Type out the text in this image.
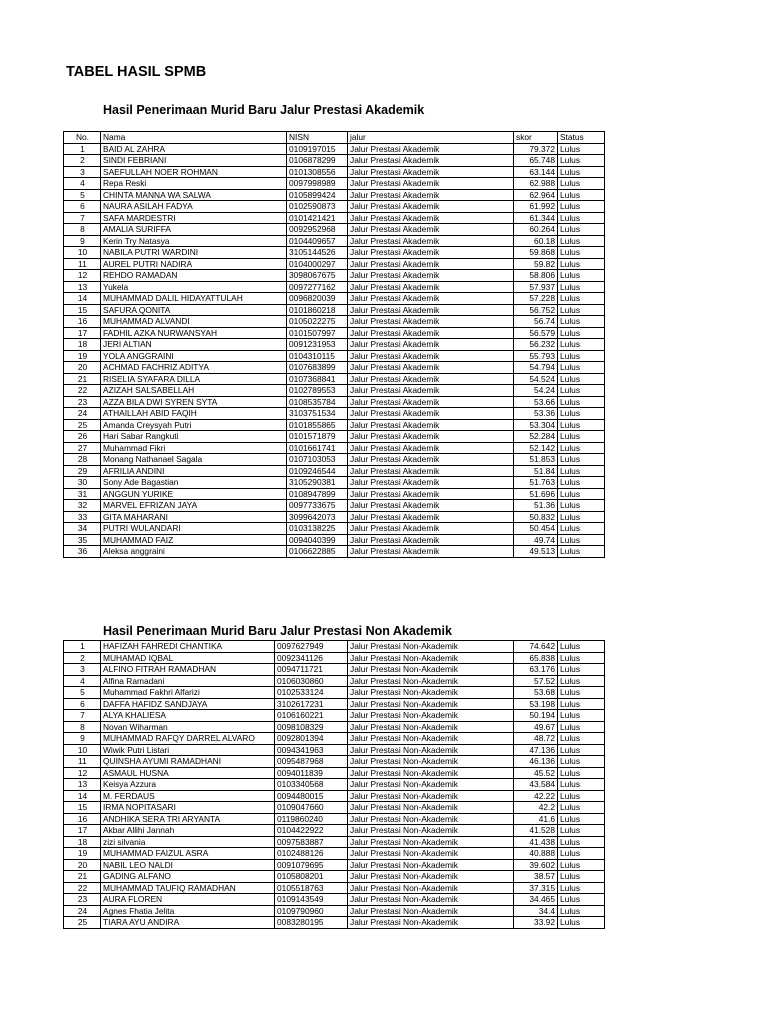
TABEL HASIL SPMB
Hasil Penerimaan Murid Baru Jalur Prestasi Akademik
No.	Nama	NISN	jalur	skor	Status
1	BAID AL ZAHRA	0109197015	Jalur Prestasi Akademik	79.372	Lulus
2	SINDI FEBRIANI	0106878299	Jalur Prestasi Akademik	65.748	Lulus
3	SAEFULLAH NOER ROHMAN	0101308556	Jalur Prestasi Akademik	63.144	Lulus
4	Repa Reski	0097998989	Jalur Prestasi Akademik	62.988	Lulus
5	CHINTA MANNA WA SALWA	0105899424	Jalur Prestasi Akademik	62.964	Lulus
6	NAURA ASILAH FADYA	0102590873	Jalur Prestasi Akademik	61.992	Lulus
7	SAFA MARDESTRI	0101421421	Jalur Prestasi Akademik	61.344	Lulus
8	AMALIA SURIFFA	0092952968	Jalur Prestasi Akademik	60.264	Lulus
9	Kerin Try Natasya	0104409657	Jalur Prestasi Akademik	60.18	Lulus
10	NABILA PUTRI WARDINI	3105144526	Jalur Prestasi Akademik	59.868	Lulus
11	AUREL PUTRI NADIRA	0104000297	Jalur Prestasi Akademik	59.82	Lulus
12	REHDO RAMADAN	3098067675	Jalur Prestasi Akademik	58.806	Lulus
13	Yukela	0097277162	Jalur Prestasi Akademik	57.937	Lulus
14	MUHAMMAD DALIL HIDAYATTULAH	0096820039	Jalur Prestasi Akademik	57.228	Lulus
15	SAFURA QONITA	0101860218	Jalur Prestasi Akademik	56.752	Lulus
16	MUHAMMAD ALVANDI	0105022275	Jalur Prestasi Akademik	56.74	Lulus
17	FADHIL AZKA NURWANSYAH	0101507997	Jalur Prestasi Akademik	56.579	Lulus
18	JERI ALTIAN	0091231953	Jalur Prestasi Akademik	56.232	Lulus
19	YOLA ANGGRAINI	0104310115	Jalur Prestasi Akademik	55.793	Lulus
20	ACHMAD FACHRIZ ADITYA	0107683899	Jalur Prestasi Akademik	54.794	Lulus
21	RISELIA SYAFARA DILLA	0107368841	Jalur Prestasi Akademik	54.524	Lulus
22	AZIZAH SALSABELLAH	0102789553	Jalur Prestasi Akademik	54.24	Lulus
23	AZZA BILA DWI SYREN SYTA	0108535784	Jalur Prestasi Akademik	53.66	Lulus
24	ATHAILLAH ABID FAQIH	3103751534	Jalur Prestasi Akademik	53.36	Lulus
25	Amanda Creysyah Putri	0101855865	Jalur Prestasi Akademik	53.304	Lulus
26	Hari Sabar Rangkuti	0101571879	Jalur Prestasi Akademik	52.284	Lulus
27	Muhammad Fikri	0101661741	Jalur Prestasi Akademik	52.142	Lulus
28	Monang Nathanael Sagala	0107103053	Jalur Prestasi Akademik	51.853	Lulus
29	AFRILIA ANDINI	0109246544	Jalur Prestasi Akademik	51.84	Lulus
30	Sony Ade Bagastian	3105290381	Jalur Prestasi Akademik	51.763	Lulus
31	ANGGUN YURIKE	0108947899	Jalur Prestasi Akademik	51.696	Lulus
32	MARVEL EFRIZAN JAYA	0097733675	Jalur Prestasi Akademik	51.36	Lulus
33	GITA MAHARANI	3099642073	Jalur Prestasi Akademik	50.832	Lulus
34	PUTRI WULANDARI	0103138225	Jalur Prestasi Akademik	50.454	Lulus
35	MUHAMMAD FAIZ	0094040399	Jalur Prestasi Akademik	49.74	Lulus
36	Aleksa anggraini	0106622885	Jalur Prestasi Akademik	49.513	Lulus
Hasil Penerimaan Murid Baru Jalur Prestasi Non Akademik
1	HAFIZAH FAHREDI CHANTIKA	0097627949	Jalur Prestasi Non-Akademik	74.642	Lulus
2	MUHAMAD IQBAL	0092341126	Jalur Prestasi Non-Akademik	65.838	Lulus
3	ALFINO FITRAH RAMADHAN	0094711721	Jalur Prestasi Non-Akademik	63.176	Lulus
4	Alfina Ramadani	0106030860	Jalur Prestasi Non-Akademik	57.52	Lulus
5	Muhammad Fakhri Alfarizi	0102533124	Jalur Prestasi Non-Akademik	53.68	Lulus
6	DAFFA HAFIDZ SANDJAYA	3102617231	Jalur Prestasi Non-Akademik	53.198	Lulus
7	ALYA KHALIESA	0106160221	Jalur Prestasi Non-Akademik	50.194	Lulus
8	Novan Wiharman	0098108329	Jalur Prestasi Non-Akademik	49.67	Lulus
9	MUHAMMAD RAFQY DARREL ALVARO	0092801394	Jalur Prestasi Non-Akademik	48.72	Lulus
10	Wiwik Putri Listari	0094341963	Jalur Prestasi Non-Akademik	47.136	Lulus
11	QUINSHA AYUMI RAMADHANI	0095487968	Jalur Prestasi Non-Akademik	46.136	Lulus
12	ASMAUL HUSNA	0094011839	Jalur Prestasi Non-Akademik	45.52	Lulus
13	Keisya Azzura	0103340568	Jalur Prestasi Non-Akademik	43.584	Lulus
14	M. FERDAUS	0094480015	Jalur Prestasi Non-Akademik	42.22	Lulus
15	IRMA NOPITASARI	0109047660	Jalur Prestasi Non-Akademik	42.2	Lulus
16	ANDHIKA SERA TRI ARYANTA	0119860240	Jalur Prestasi Non-Akademik	41.6	Lulus
17	Akbar Allihi Jannah	0104422922	Jalur Prestasi Non-Akademik	41.528	Lulus
18	zizi silvania	0097583887	Jalur Prestasi Non-Akademik	41.438	Lulus
19	MUHAMMAD FAIZUL ASRA	0102488126	Jalur Prestasi Non-Akademik	40.888	Lulus
20	NABIL LEO NALDI	0091079695	Jalur Prestasi Non-Akademik	39.602	Lulus
21	GADING ALFANO	0105808201	Jalur Prestasi Non-Akademik	38.57	Lulus
22	MUHAMMAD TAUFIQ RAMADHAN	0105518763	Jalur Prestasi Non-Akademik	37.315	Lulus
23	AURA FLOREN	0109143549	Jalur Prestasi Non-Akademik	34.465	Lulus
24	Agnes Fhatia Jelita	0109790960	Jalur Prestasi Non-Akademik	34.4	Lulus
25	TIARA AYU ANDIRA	0083280195	Jalur Prestasi Non-Akademik	33.92	Lulus
